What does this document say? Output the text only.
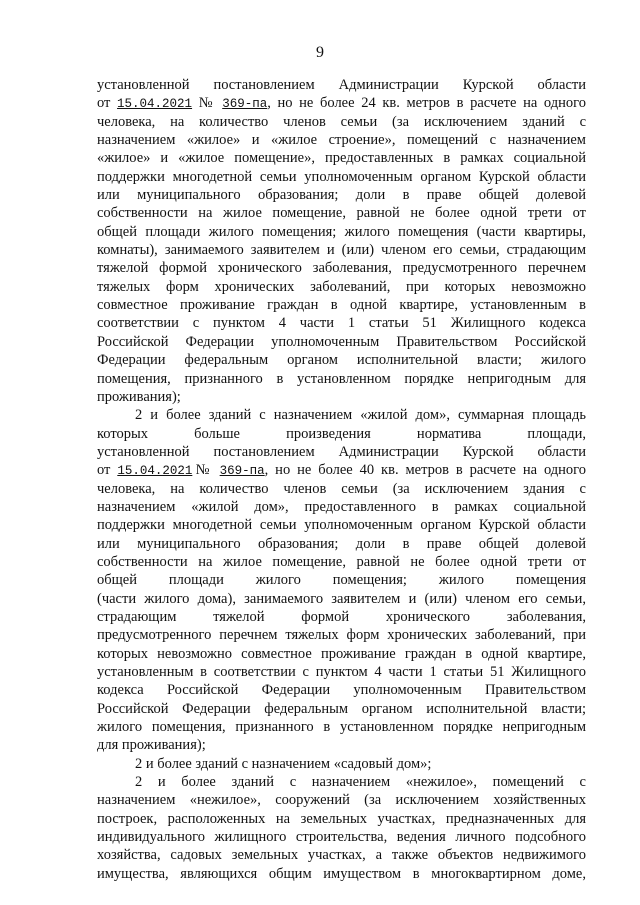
9
установленной постановлением Администрации Курской области
от 15.04.2021 № 369-па, но не более 24 кв. метров в расчете на одного
человека, на количество членов семьи (за исключением зданий с
назначением «жилое» и «жилое строение», помещений с назначением
«жилое» и «жилое помещение», предоставленных в рамках социальной
поддержки многодетной семьи уполномоченным органом Курской области
или муниципального образования; доли в праве общей долевой
собственности на жилое помещение, равной не более одной трети от
общей площади жилого помещения; жилого помещения (части квартиры,
комнаты), занимаемого заявителем и (или) членом его семьи, страдающим
тяжелой формой хронического заболевания, предусмотренного перечнем
тяжелых форм хронических заболеваний, при которых невозможно
совместное проживание граждан в одной квартире, установленным в
соответствии с пунктом 4 части 1 статьи 51 Жилищного кодекса
Российской Федерации уполномоченным Правительством Российской
Федерации федеральным органом исполнительной власти; жилого
помещения, признанного в установленном порядке непригодным для
проживания);
2 и более зданий с назначением «жилой дом», суммарная площадь
которых больше произведения норматива площади,
установленной постановлением Администрации Курской области
от 15.04.2021№ 369-па, но не более 40 кв. метров в расчете на одного
человека, на количество членов семьи (за исключением здания с
назначением «жилой дом», предоставленного в рамках социальной
поддержки многодетной семьи уполномоченным органом Курской области
или муниципального образования; доли в праве общей долевой
собственности на жилое помещение, равной не более одной трети от
общей площади жилого помещения; жилого помещения
(части жилого дома), занимаемого заявителем и (или) членом его семьи,
страдающим тяжелой формой хронического заболевания,
предусмотренного перечнем тяжелых форм хронических заболеваний, при
которых невозможно совместное проживание граждан в одной квартире,
установленным в соответствии с пунктом 4 части 1 статьи 51 Жилищного
кодекса Российской Федерации уполномоченным Правительством
Российской Федерации федеральным органом исполнительной власти;
жилого помещения, признанного в установленном порядке непригодным
для проживания);
2 и более зданий с назначением «садовый дом»;
2 и более зданий с назначением «нежилое», помещений с
назначением «нежилое», сооружений (за исключением хозяйственных
построек, расположенных на земельных участках, предназначенных для
индивидуального жилищного строительства, ведения личного подсобного
хозяйства, садовых земельных участках, а также объектов недвижимого
имущества, являющихся общим имуществом в многоквартирном доме,
